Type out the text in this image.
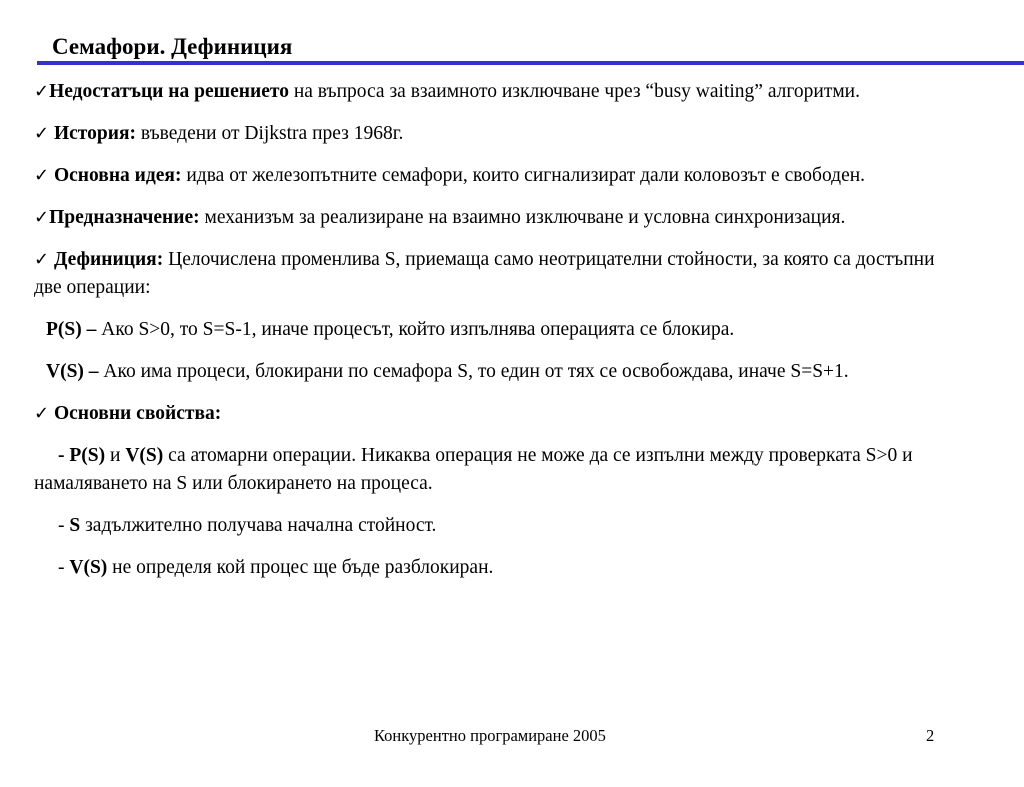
Семафори. Дефиниция

✓Недостатъци на решението на въпроса за взаимното изключване чрез “busy waiting” алгоритми.

✓ История: въведени от Dijkstra през 1968г.

✓ Основна идея: идва от железопътните семафори, които сигнализират дали коловозът е свободен.

✓Предназначение: механизъм за реализиране на взаимно изключване и условна синхронизация.

✓ Дефиниция: Целочислена променлива S, приемаща само неотрицателни стойности, за която са достъпни две операции:

P(S) – Ако S>0, то S=S-1, иначе процесът, който изпълнява операцията се блокира.

V(S) – Ако има процеси, блокирани по семафора S, то един от тях се освобождава, иначе S=S+1.

✓ Основни свойства:

- P(S) и V(S) са атомарни операции. Никаква операция не може да се изпълни между проверката S>0 и намаляването на S или блокирането на процеса.

- S задължително получава начална стойност.

- V(S) не определя кой процес ще бъде разблокиран.

Конкурентно програмиране 2005	2
